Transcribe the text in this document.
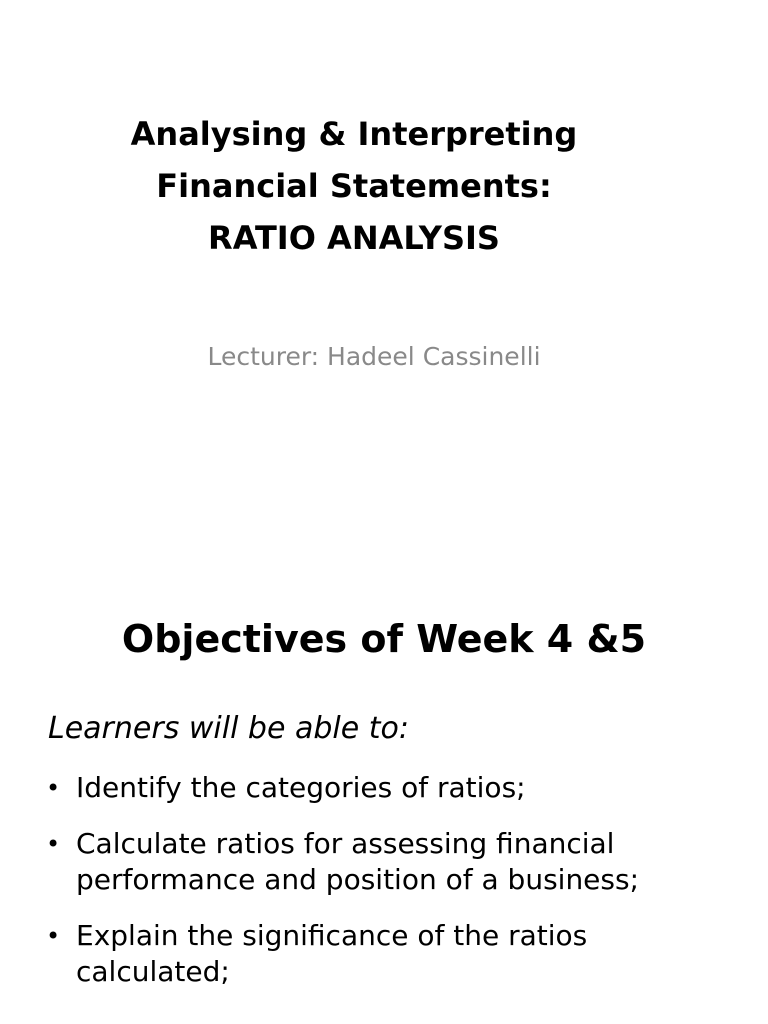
Analysing & Interpreting
Financial Statements:
RATIO ANALYSIS
Lecturer: Hadeel Cassinelli
Objectives of Week 4 &5
Learners will be able to:
• Identify the categories of ratios;
• Calculate ratios for assessing financial performance and position of a business;
• Explain the significance of the ratios calculated;
